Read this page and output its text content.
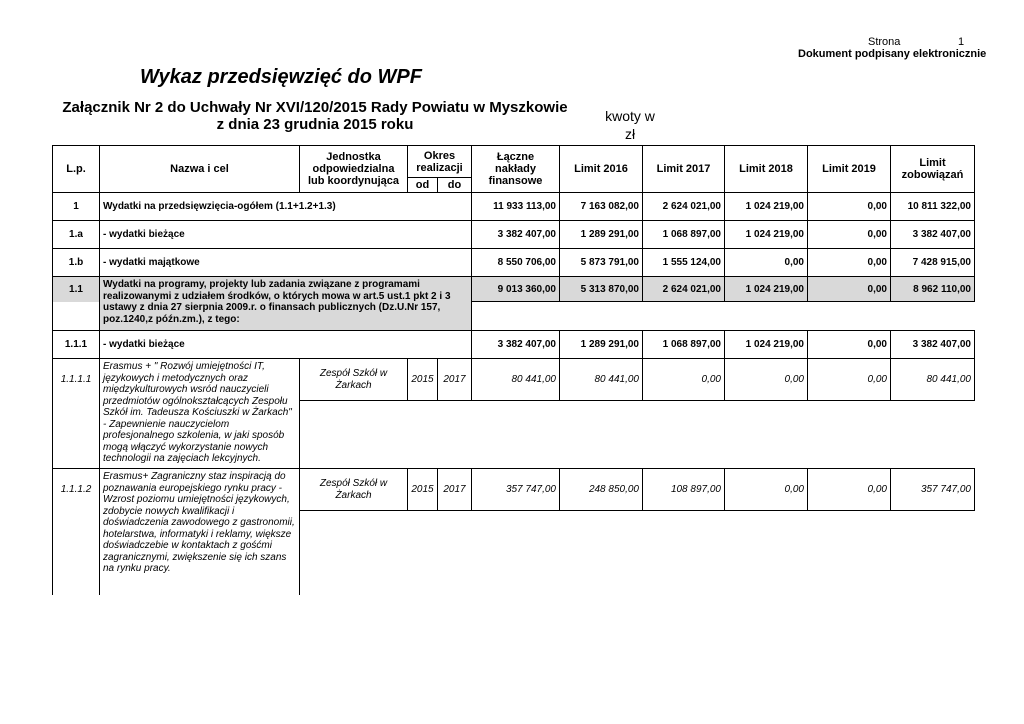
Strona	1
Dokument podpisany elektronicznie
Wykaz przedsięwzięć do WPF
Załącznik Nr 2 do Uchwały Nr XVI/120/2015 Rady Powiatu w Myszkowie
z dnia 23 grudnia 2015 roku	kwoty w
zł
L.p.	Nazwa i cel	Jednostka odpowiedzialna lub koordynująca	Okres realizacji		Łączne nakłady finansowe	Limit 2016	Limit 2017	Limit 2018	Limit 2019	Limit zobowiązań
			od	do						
1	Wydatki na przedsięwzięcia-ogółem (1.1+1.2+1.3)				11 933 113,00	7 163 082,00	2 624 021,00	1 024 219,00	0,00	10 811 322,00
1.a	- wydatki bieżące				3 382 407,00	1 289 291,00	1 068 897,00	1 024 219,00	0,00	3 382 407,00
1.b	- wydatki majątkowe				8 550 706,00	5 873 791,00	1 555 124,00	0,00	0,00	7 428 915,00
1.1	Wydatki na programy, projekty lub zadania związane z programami realizowanymi z udziałem środków, o których mowa w art.5 ust.1 pkt 2 i 3 ustawy z dnia 27 sierpnia 2009.r. o finansach publicznych (Dz.U.Nr 157, poz.1240,z późn.zm.), z tego:				9 013 360,00	5 313 870,00	2 624 021,00	1 024 219,00	0,00	8 962 110,00

1.1.1	- wydatki bieżące				3 382 407,00	1 289 291,00	1 068 897,00	1 024 219,00	0,00	3 382 407,00
1.1.1.1	Erasmus + " Rozwój umiejętności IT, językowych i metodycznych oraz międzykulturowych wsród nauczycieli przedmiotów ogólnokształcących Zespołu Szkół im. Tadeusza Kościuszki w Żarkach" - Zapewnienie nauczycielom profesjonalnego szkolenia, w jaki sposób mogą włączyć wykorzystanie nowych technologii na zajęciach lekcyjnych.	Zespół Szkół w Żarkach	2015	2017	80 441,00	80 441,00	0,00	0,00	0,00	80 441,00

1.1.1.2	Erasmus+ Zagraniczny staz inspiracją do poznawania europejskiego rynku pracy - Wzrost poziomu umiejętności językowych, zdobycie nowych kwalifikacji i doświadczenia zawodowego z gastronomii, hotelarstwa, informatyki i reklamy, większe doświadczebie w kontaktach z gośćmi zagranicznymi, zwiększenie się ich szans na rynku pracy.	Zespół Szkół w Żarkach	2015	2017	357 747,00	248 850,00	108 897,00	0,00	0,00	357 747,00
